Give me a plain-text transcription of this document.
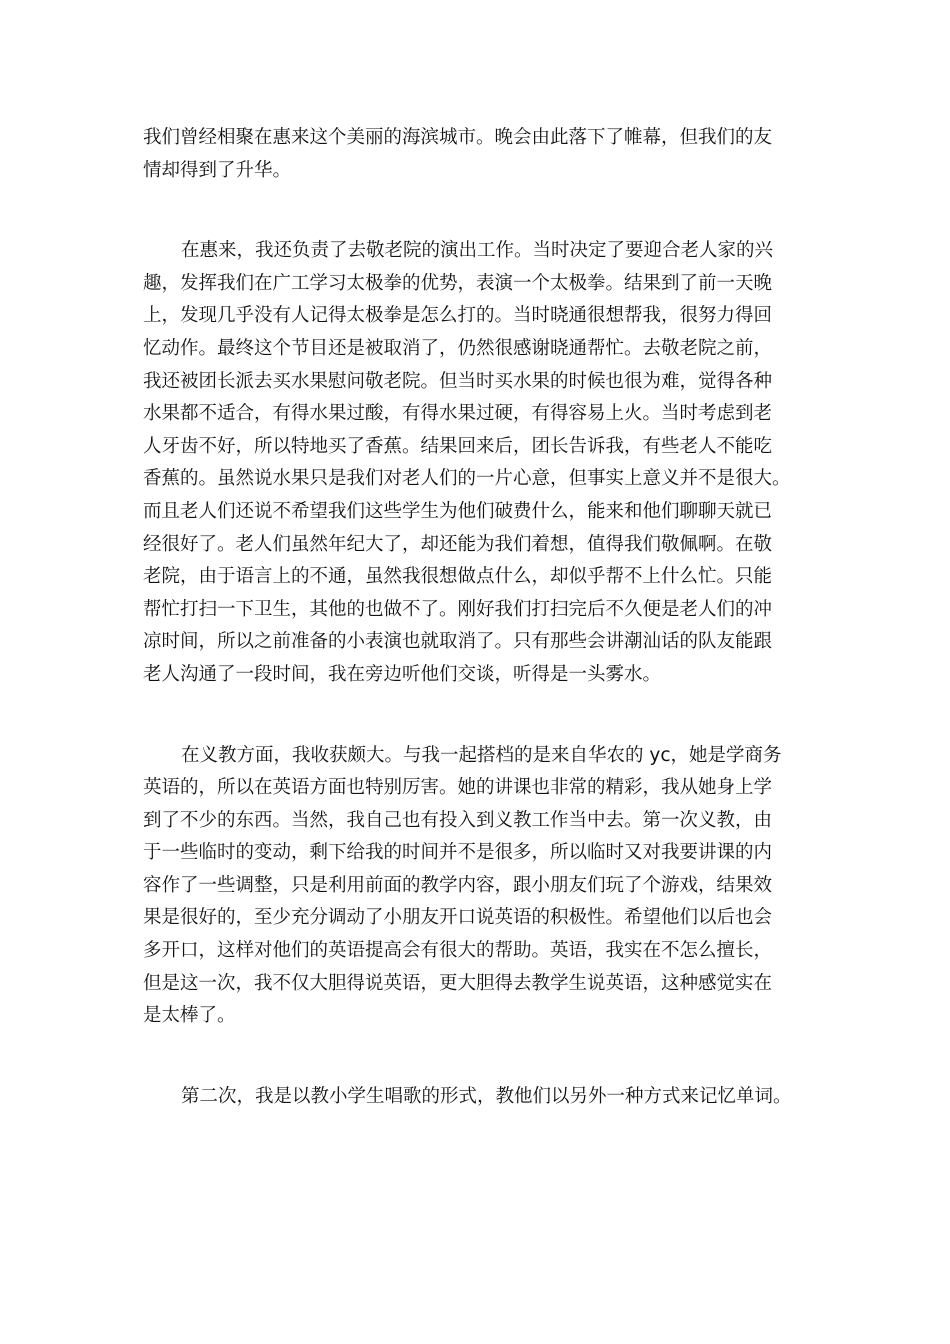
我们曾经相聚在惠来这个美丽的海滨城市。晚会由此落下了帷幕，但我们的友
情却得到了升华。

在惠来，我还负责了去敬老院的演出工作。当时决定了要迎合老人家的兴
趣，发挥我们在广工学习太极拳的优势，表演一个太极拳。结果到了前一天晚
上，发现几乎没有人记得太极拳是怎么打的。当时晓通很想帮我，很努力得回
忆动作。最终这个节目还是被取消了，仍然很感谢晓通帮忙。去敬老院之前，
我还被团长派去买水果慰问敬老院。但当时买水果的时候也很为难，觉得各种
水果都不适合，有得水果过酸，有得水果过硬，有得容易上火。当时考虑到老
人牙齿不好，所以特地买了香蕉。结果回来后，团长告诉我，有些老人不能吃
香蕉的。虽然说水果只是我们对老人们的一片心意，但事实上意义并不是很大。
而且老人们还说不希望我们这些学生为他们破费什么，能来和他们聊聊天就已
经很好了。老人们虽然年纪大了，却还能为我们着想，值得我们敬佩啊。在敬
老院，由于语言上的不通，虽然我很想做点什么，却似乎帮不上什么忙。只能
帮忙打扫一下卫生，其他的也做不了。刚好我们打扫完后不久便是老人们的冲
凉时间，所以之前准备的小表演也就取消了。只有那些会讲潮汕话的队友能跟
老人沟通了一段时间，我在旁边听他们交谈，听得是一头雾水。

在义教方面，我收获颇大。与我一起搭档的是来自华农的 yc，她是学商务
英语的，所以在英语方面也特别厉害。她的讲课也非常的精彩，我从她身上学
到了不少的东西。当然，我自己也有投入到义教工作当中去。第一次义教，由
于一些临时的变动，剩下给我的时间并不是很多，所以临时又对我要讲课的内
容作了一些调整，只是利用前面的教学内容，跟小朋友们玩了个游戏，结果效
果是很好的，至少充分调动了小朋友开口说英语的积极性。希望他们以后也会
多开口，这样对他们的英语提高会有很大的帮助。英语，我实在不怎么擅长，
但是这一次，我不仅大胆得说英语，更大胆得去教学生说英语，这种感觉实在
是太棒了。

第二次，我是以教小学生唱歌的形式，教他们以另外一种方式来记忆单词。
